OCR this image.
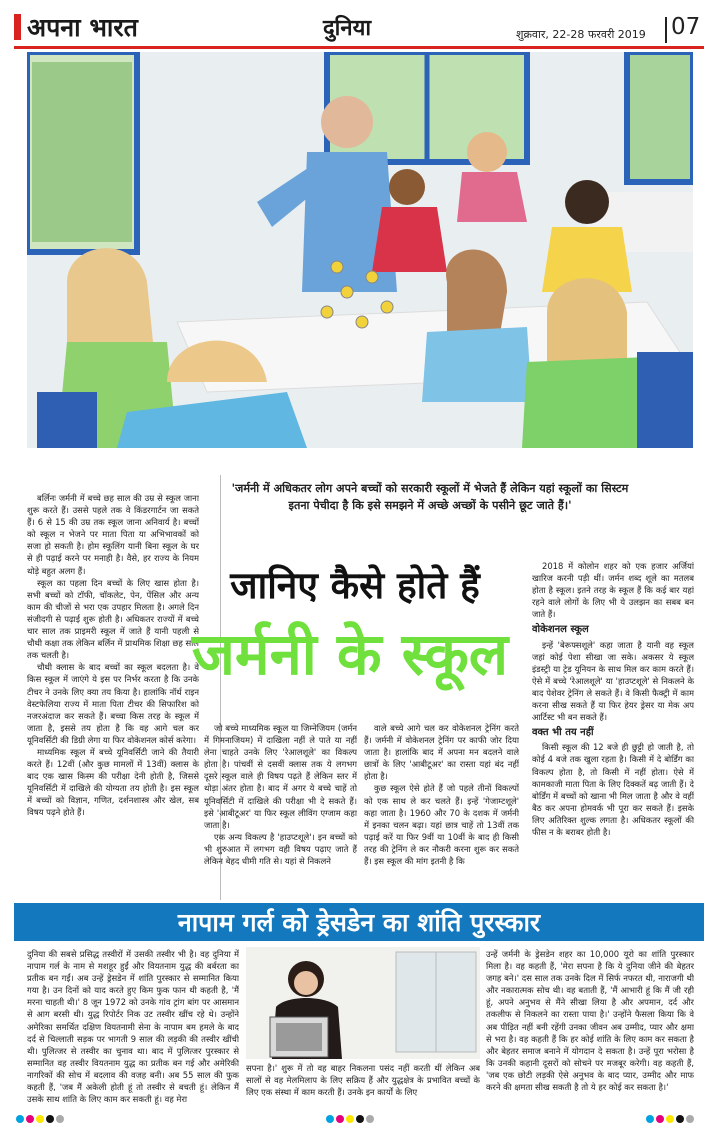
अपना भारत	दुनिया	शुक्रवार, 22-28 फरवरी 2019 07
'जर्मनी में अधिकतर लोग अपने बच्चों को सरकारी स्कूलों में भेजते हैं लेकिन यहां स्कूलों का सिस्टम इतना पेचीदा है कि इसे समझने में अच्छे अच्छों के पसीने छूट जाते हैं।'

बर्लिनः जर्मनी में बच्चे छह साल की उम्र से स्कूल जाना शुरू करते हैं। उससे पहले तक वे किंडरगार्टन जा सकते हैं। 6 से 15 की उम्र तक स्कूल जाना अनिवार्य है। बच्चों को स्कूल न भेजने पर माता पिता या अभिभावकों को सजा हो सकती है। होम स्कूलिंग यानी बिना स्कूल के घर से ही पढ़ाई करने पर मनाही है। वैसे, हर राज्य के नियम थोड़े बहुत अलग हैं।

स्कूल का पहला दिन बच्चों के लिए खास होता है। सभी बच्चों को टॉफी, चॉकलेट, पेन, पेंसिल और अन्य काम की चीजों से भरा एक उपहार मिलता है। अगले दिन संजीदगी से पढ़ाई शुरू होती है। अधिकतर राज्यों में बच्चे चार साल तक प्राइमरी स्कूल में जाते हैं यानी पहली से चौथी कक्षा तक लेकिन बर्लिन में प्राथमिक शिक्षा छह साल तक चलती है।

चौथी क्लास के बाद बच्चों का स्कूल बदलता है। वे किस स्कूल में जाएंगे ये इस पर निर्भर करता है कि उनके टीचर ने उनके लिए क्या तय किया है। हालांकि नॉर्थ राइन वेस्टफेलिया राज्य में माता पिता टीचर की सिफारिश को नजरअंदाज कर सकते हैं। बच्चा किस तरह के स्कूल में जाता है, इससे तय होता है कि वह आगे चल कर यूनिवर्सिटी की डिग्री लेगा या फिर वोकेशनल कोर्स करेगा।

माध्यमिक स्कूल में बच्चे यूनिवर्सिटी जाने की तैयारी करते हैं। 12वीं (और कुछ मामलों में 13वीं) क्लास के बाद एक खास किस्म की परीक्षा देनी होती है, जिससे यूनिवर्सिटी में दाखिले की योग्यता तय होती है। इस स्कूल में बच्चों को विज्ञान, गणित, दर्शनशास्त्र और खेल, सब विषय पढ़ने होते हैं।

जानिए कैसे होते हैं
जर्मनी के स्कूल

जो बच्चे माध्यमिक स्कूल या जिम्नेजियम (जर्मन में गिमनाजियम) में दाखिला नहीं ले पाते या नहीं लेना चाहते उनके लिए 'रेआलशूले' का विकल्प होता है। पांचवीं से दसवीं क्लास तक ये लगभग दूसरे स्कूल वाले ही विषय पढ़ते हैं लेकिन स्तर में थोड़ा अंतर होता है। बाद में अगर ये बच्चे चाहें तो यूनिवर्सिटी में दाखिले की परीक्षा भी दे सकते हैं। इसे 'आबीटूअर' या फिर स्कूल लीविंग एग्जाम कहा जाता है।

एक अन्य विकल्प है 'हाउप्टशूले'। इन बच्चों को भी शुरुआत में लगभग वही विषय पढ़ाए जाते हैं लेकिन बेहद धीमी गति से। यहां से निकलने

वाले बच्चे आगे चल कर वोकेशनल ट्रेनिंग करते हैं। जर्मनी में वोकेशनल ट्रेनिंग पर काफी जोर दिया जाता है। हालांकि बाद में अपना मन बदलने वाले छात्रों के लिए 'आबीटूअर' का रास्ता यहां बंद नहीं होता है।

कुछ स्कूल ऐसे होते हैं जो पहले तीनों विकल्पों को एक साथ ले कर चलते हैं। इन्हें 'गेजाम्टशूले' कहा जाता है। 1960 और 70 के दशक में जर्मनी में इनका चलन बढ़ा। यहां छात्र चाहें तो 13वीं तक पढ़ाई करें या फिर 9वीं या 10वीं के बाद ही किसी तरह की ट्रेनिंग ले कर नौकरी करना शुरू कर सकते हैं। इस स्कूल की मांग इतनी है कि

2018 में कोलोन शहर को एक हजार अर्जियां खारिज करनी पड़ी थीं। जर्मन शब्द शूले का मतलब होता है स्कूल। इतने तरह के स्कूल हैं कि कई बार यहां रहने वाले लोगों के लिए भी ये उलझन का सबब बन जाते हैं।

वोकेशनल स्कूल

इन्हें 'बेरूफ्सशूले' कहा जाता है यानी वह स्कूल जहां कोई पेशा सीखा जा सके। अकसर ये स्कूल इंडस्ट्री या ट्रेड यूनियन के साथ मिल कर काम करते हैं। ऐसे में बच्चे 'रेआलशूले' या 'हाउप्टशूले' से निकलने के बाद पेशेवर ट्रेनिंग ले सकते हैं। वे किसी फैक्ट्री में काम करना सीख सकते हैं या फिर हेयर ड्रेसर या मेक अप आर्टिस्ट भी बन सकते हैं।

वक्त भी तय नहीं

किसी स्कूल की 12 बजे ही छुट्टी हो जाती है, तो कोई 4 बजे तक खुला रहता है। किसी में दे बोर्डिंग का विकल्प होता है, तो किसी में नहीं होता। ऐसे में कामकाजी माता पिता के लिए दिक्कतें बढ़ जाती हैं। दे बोर्डिंग में बच्चों को खाना भी मिल जाता है और वे वहीं बैठ कर अपना होमवर्क भी पूरा कर सकते हैं। इसके लिए अतिरिक्त शुल्क लगता है। अधिकतर स्कूलों की फीस न के बराबर होती है।

नापाम गर्ल को ड्रेसडेन का शांति पुरस्कार

दुनिया की सबसे प्रसिद्ध तस्वीरों में उसकी तस्वीर भी है। वह दुनिया में नापाम गर्ल के नाम से मशहूर हुईं और वियतनाम युद्ध की बर्बरता का प्रतीक बन गईं। अब उन्हें ड्रेसडेन में शांति पुरस्कार से सम्मानित किया गया है। उन दिनों को याद करते हुए किम फुक फान थी कहती है, 'मैं मरना चाहती थी।' 8 जून 1972 को उनके गांव ट्रांग बांग पर आसमान से आग बरसी थी। युद्ध रिपोर्टर निक उट तस्वीर खींच रहे थे। उन्होंने अमेरिका समर्थित दक्षिण वियतनामी सेना के नापाम बम हमले के बाद दर्द से चिल्लाती सड़क पर भागती 9 साल की लड़की की तस्वीर खींची थी। पुलित्जर से तस्वीर का चुनाव था। बाद में पुलित्जर पुरस्कार से सम्मानित वह तस्वीर वियतनाम युद्ध का प्रतीक बन गई और अमेरिकी नागरिकों की सोच में बदलाव की वजह बनी। अब 55 साल की फुक कहती हैं, 'जब मैं अकेली होती हूं तो तस्वीर से बचती हूं। लेकिन मैं उसके साथ शांति के लिए काम कर सकती हूं। वह मेरा

सपना है।' शुरू में तो वह बाहर निकलना पसंद नहीं करती थीं लेकिन अब सालों से वह मेलमिलाप के लिए सक्रिय हैं और युद्धक्षेत्र के प्रभावित बच्चों के लिए एक संस्था में काम करती हैं। उनके इन कार्यों के लिए

उन्हें जर्मनी के ड्रेसडेन शहर का 10,000 यूरो का शांति पुरस्कार मिला है। वह कहती हैं, 'मेरा सपना है कि ये दुनिया जीने की बेहतर जगह बने।' दस साल तक उनके दिल में सिर्फ नफरत थी, नाराजगी थी और नकारात्मक सोच थी। वह बताती हैं, 'मैं आभारी हूं कि मैं जी रही हूं, अपने अनुभव से मैंने सीखा लिया है और अपमान, दर्द और तकलीफ से निकलने का रास्ता पाया है।' उन्होंने फैसला किया कि वे अब पीड़ित नहीं बनी रहेंगी उनका जीवन अब उम्मीद, प्यार और क्षमा से भरा है। वह कहती हैं कि हर कोई शांति के लिए काम कर सकता है और बेहतर समाज बनाने में योगदान दे सकता है। उन्हें पूरा भरोसा है कि उनकी कहानी दूसरों को सोचने पर मजबूर करेगी। वह कहती हैं, 'जब एक छोटी लड़की ऐसे अनुभव के बाद प्यार, उम्मीद और माफ करने की क्षमता सीख सकती है तो ये हर कोई कर सकता है।'
